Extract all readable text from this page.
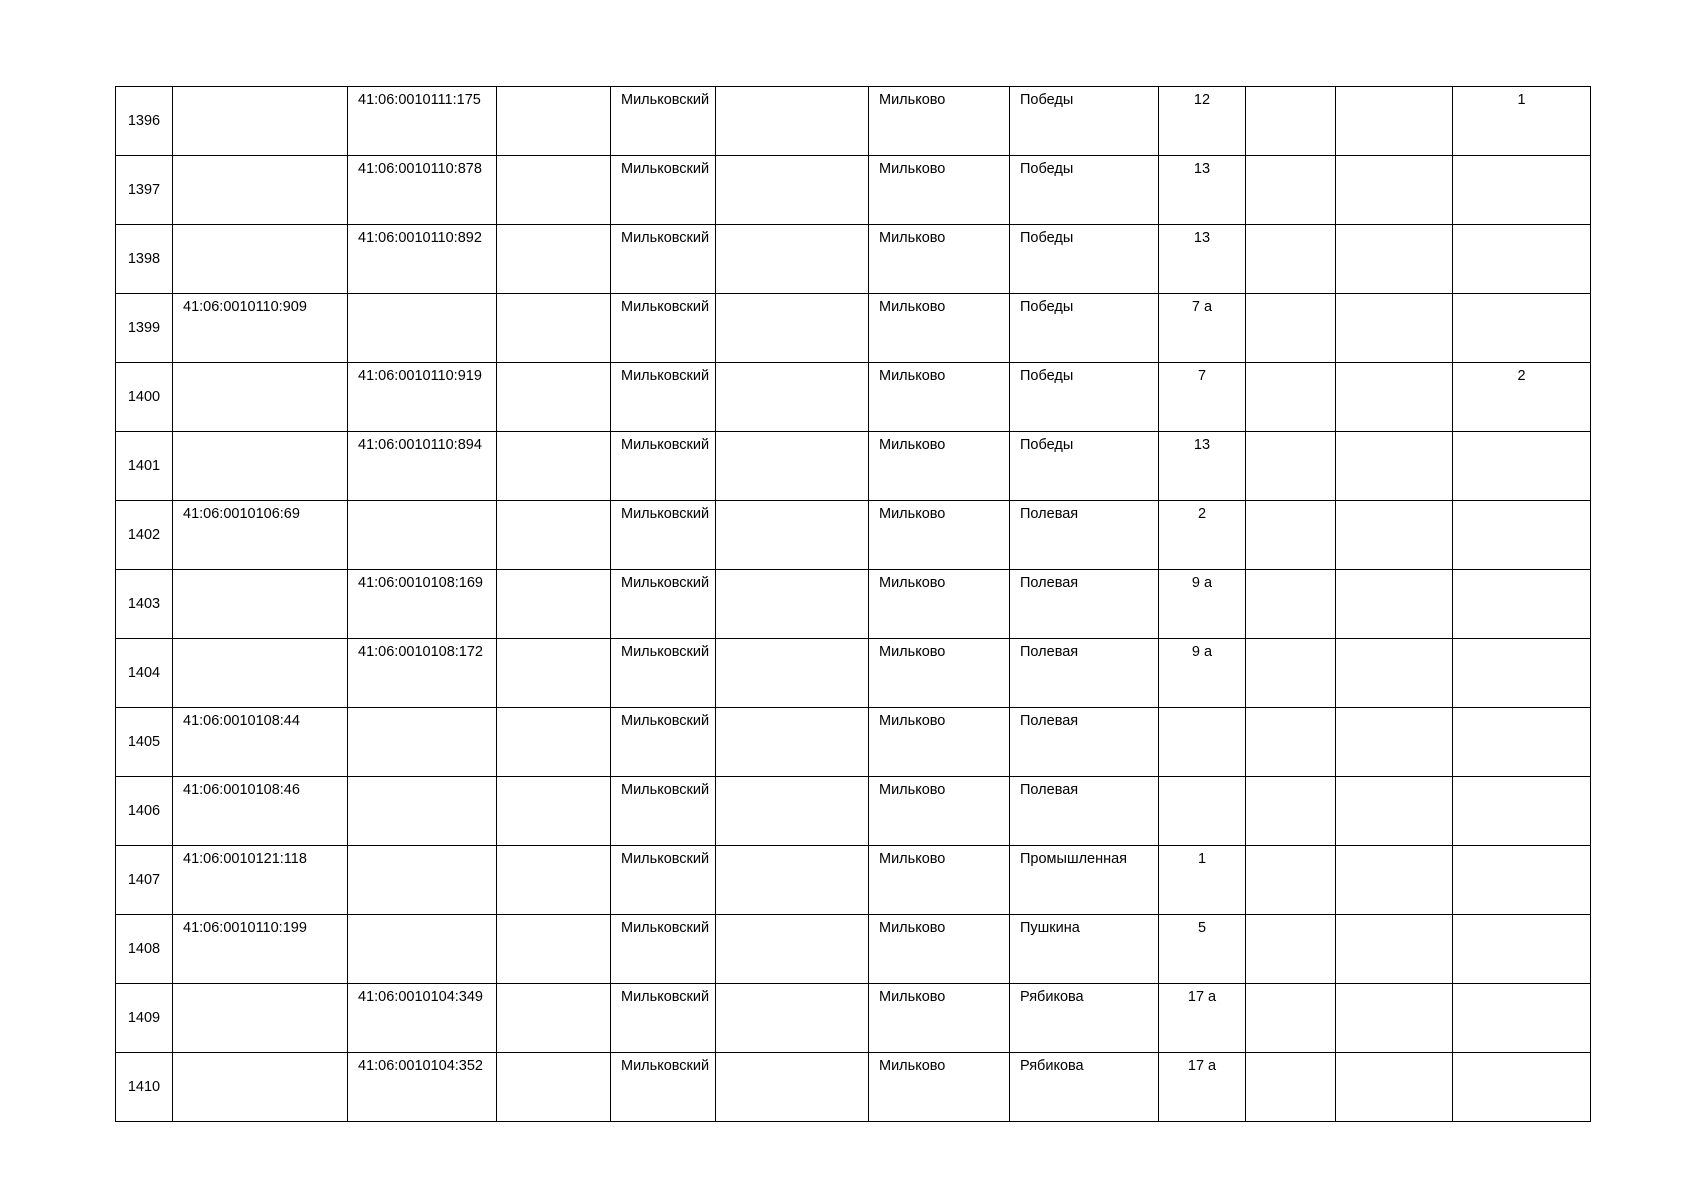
1396		41:06:0010111:175		Мильковский		Мильково	Победы	12			1
1397		41:06:0010110:878		Мильковский		Мильково	Победы	13			
1398		41:06:0010110:892		Мильковский		Мильково	Победы	13			
1399	41:06:0010110:909			Мильковский		Мильково	Победы	7 а			
1400		41:06:0010110:919		Мильковский		Мильково	Победы	7			2
1401		41:06:0010110:894		Мильковский		Мильково	Победы	13			
1402	41:06:0010106:69			Мильковский		Мильково	Полевая	2			
1403		41:06:0010108:169		Мильковский		Мильково	Полевая	9 а			
1404		41:06:0010108:172		Мильковский		Мильково	Полевая	9 а			
1405	41:06:0010108:44			Мильковский		Мильково	Полевая				
1406	41:06:0010108:46			Мильковский		Мильково	Полевая				
1407	41:06:0010121:118			Мильковский		Мильково	Промышленная	1			
1408	41:06:0010110:199			Мильковский		Мильково	Пушкина	5			
1409		41:06:0010104:349		Мильковский		Мильково	Рябикова	17 а			
1410		41:06:0010104:352		Мильковский		Мильково	Рябикова	17 а			
